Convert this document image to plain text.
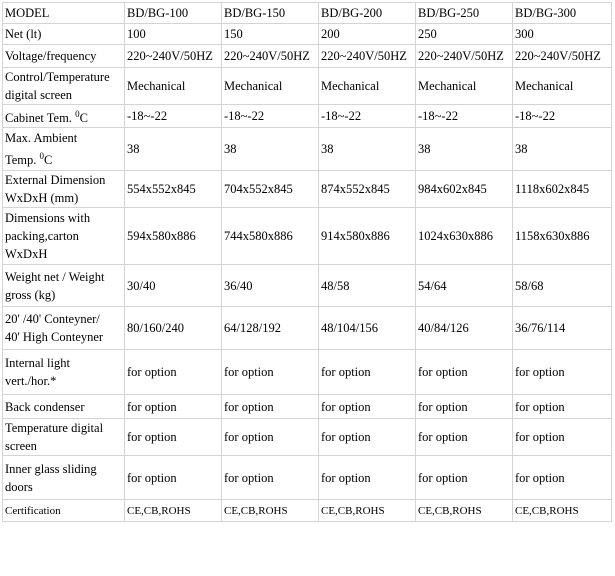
MODEL	BD/BG-100	BD/BG-150	BD/BG-200	BD/BG-250	BD/BG-300
Net (lt)	100	150	200	250	300
Voltage/frequency	220~240V/50HZ	220~240V/50HZ	220~240V/50HZ	220~240V/50HZ	220~240V/50HZ
Control/Temperature
digital screen	Mechanical	Mechanical	Mechanical	Mechanical	Mechanical
Cabinet Tem. $^0$C	-18~-22	-18~-22	-18~-22	-18~-22	-18~-22
Max. Ambient
Temp. $^0$C	38	38	38	38	38
External Dimension
WxDxH (mm)	554x552x845	704x552x845	874x552x845	984x602x845	1118x602x845
Dimensions with
packing,carton
WxDxH	594x580x886	744x580x886	914x580x886	1024x630x886	1158x630x886
Weight net / Weight
gross (kg)	30/40	36/40	48/58	54/64	58/68
20' /40' Conteyner/
40' High Conteyner	80/160/240	64/128/192	48/104/156	40/84/126	36/76/114
Internal light
vert./hor.*	for option	for option	for option	for option	for option
Back condenser	for option	for option	for option	for option	for option
Temperature digital
screen	for option	for option	for option	for option	for option
Inner glass sliding
doors	for option	for option	for option	for option	for option
Certification	CE,CB,ROHS	CE,CB,ROHS	CE,CB,ROHS	CE,CB,ROHS	CE,CB,ROHS
